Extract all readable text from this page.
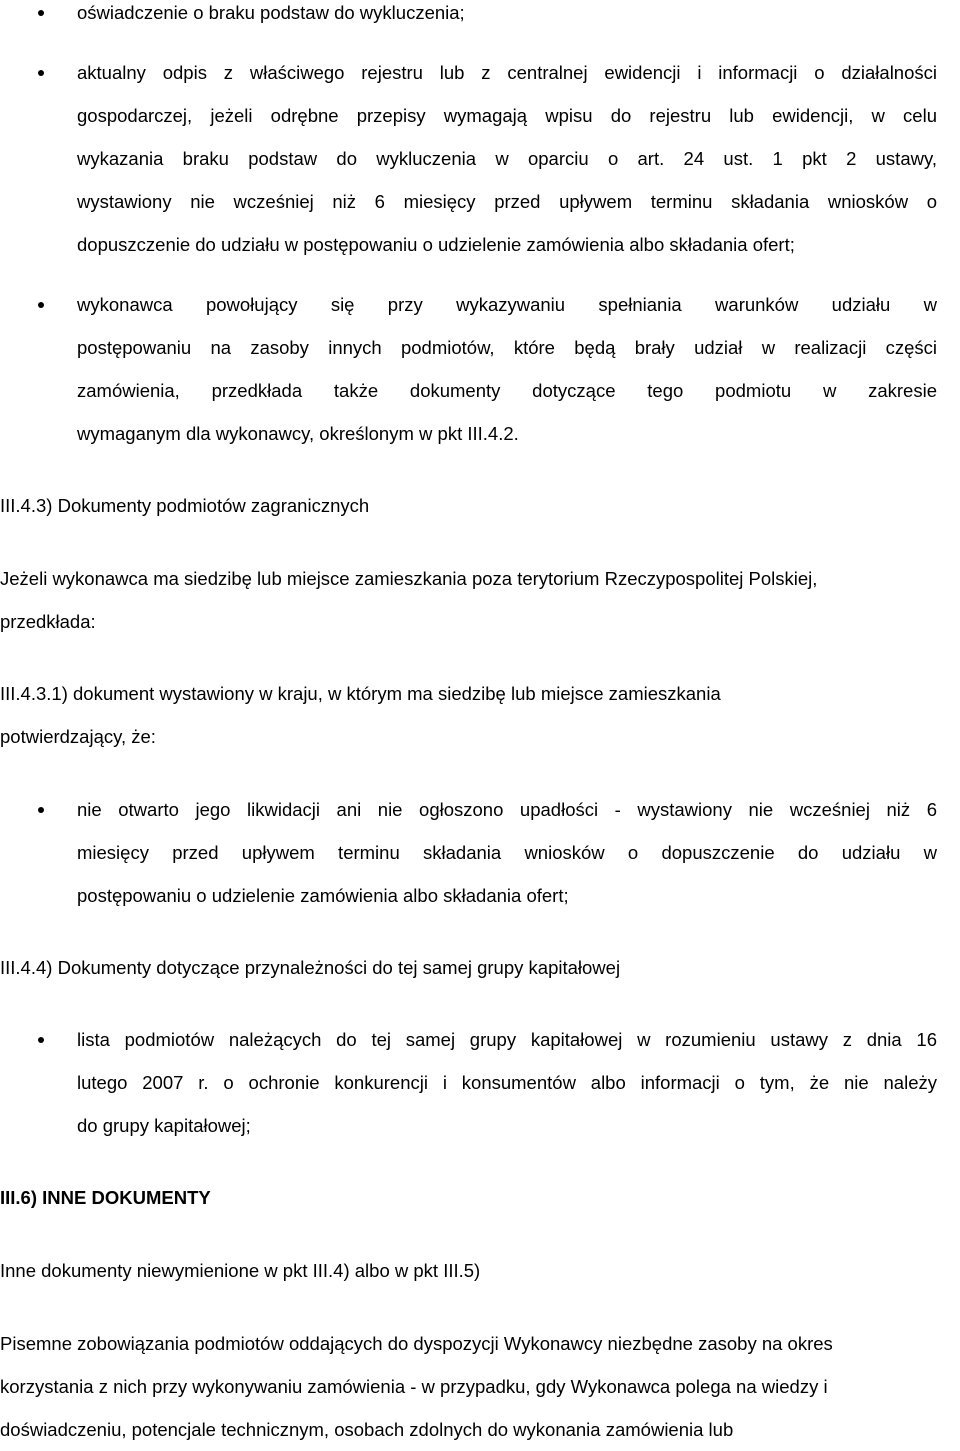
oświadczenie o braku podstaw do wykluczenia;
aktualny odpis z właściwego rejestru lub z centralnej ewidencji i informacji o działalności
gospodarczej, jeżeli odrębne przepisy wymagają wpisu do rejestru lub ewidencji, w celu
wykazania braku podstaw do wykluczenia w oparciu o art. 24 ust. 1 pkt 2 ustawy,
wystawiony nie wcześniej niż 6 miesięcy przed upływem terminu składania wniosków o
dopuszczenie do udziału w postępowaniu o udzielenie zamówienia albo składania ofert;
wykonawca powołujący się przy wykazywaniu spełniania warunków udziału w
postępowaniu na zasoby innych podmiotów, które będą brały udział w realizacji części
zamówienia, przedkłada także dokumenty dotyczące tego podmiotu w zakresie
wymaganym dla wykonawcy, określonym w pkt III.4.2.
III.4.3) Dokumenty podmiotów zagranicznych
Jeżeli wykonawca ma siedzibę lub miejsce zamieszkania poza terytorium Rzeczypospolitej Polskiej,
przedkłada:
III.4.3.1) dokument wystawiony w kraju, w którym ma siedzibę lub miejsce zamieszkania
potwierdzający, że:
nie otwarto jego likwidacji ani nie ogłoszono upadłości - wystawiony nie wcześniej niż 6
miesięcy przed upływem terminu składania wniosków o dopuszczenie do udziału w
postępowaniu o udzielenie zamówienia albo składania ofert;
III.4.4) Dokumenty dotyczące przynależności do tej samej grupy kapitałowej
lista podmiotów należących do tej samej grupy kapitałowej w rozumieniu ustawy z dnia 16
lutego 2007 r. o ochronie konkurencji i konsumentów albo informacji o tym, że nie należy
do grupy kapitałowej;
III.6) INNE DOKUMENTY
Inne dokumenty niewymienione w pkt III.4) albo w pkt III.5)
Pisemne zobowiązania podmiotów oddających do dyspozycji Wykonawcy niezbędne zasoby na okres
korzystania z nich przy wykonywaniu zamówienia - w przypadku, gdy Wykonawca polega na wiedzy i
doświadczeniu, potencjale technicznym, osobach zdolnych do wykonania zamówienia lub
